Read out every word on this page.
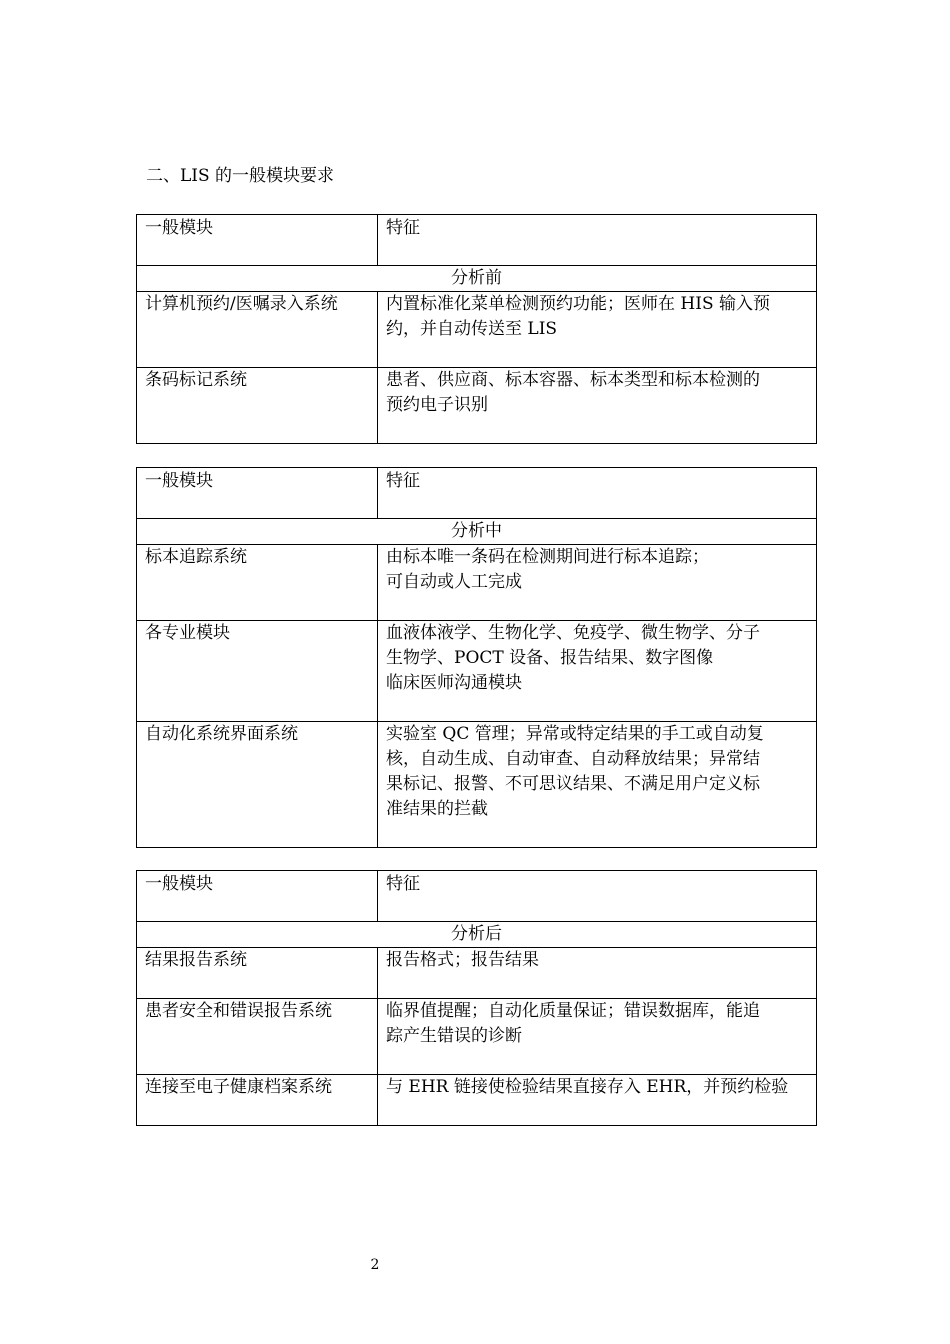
二、LIS 的一般模块要求
一般模块	特征
分析前	
计算机预约/医嘱录入系统	内置标准化菜单检测预约功能；医师在 HIS 输入预
约，并自动传送至 LIS

条码标记系统	患者、供应商、标本容器、标本类型和标本检测的
预约电子识别
一般模块	特征
分析中	
标本追踪系统	由标本唯一条码在检测期间进行标本追踪；
可自动或人工完成

各专业模块	血液体液学、生物化学、免疫学、微生物学、分子
生物学、POCT 设备、报告结果、数字图像
临床医师沟通模块

自动化系统界面系统	实验室 QC 管理；异常或特定结果的手工或自动复
核，自动生成、自动审查、自动释放结果；异常结
果标记、报警、不可思议结果、不满足用户定义标
准结果的拦截
一般模块	特征
分析后	
结果报告系统	报告格式；报告结果

患者安全和错误报告系统	临界值提醒；自动化质量保证；错误数据库，能追
踪产生错误的诊断

连接至电子健康档案系统	与 EHR 链接使检验结果直接存入 EHR，并预约检验
2
